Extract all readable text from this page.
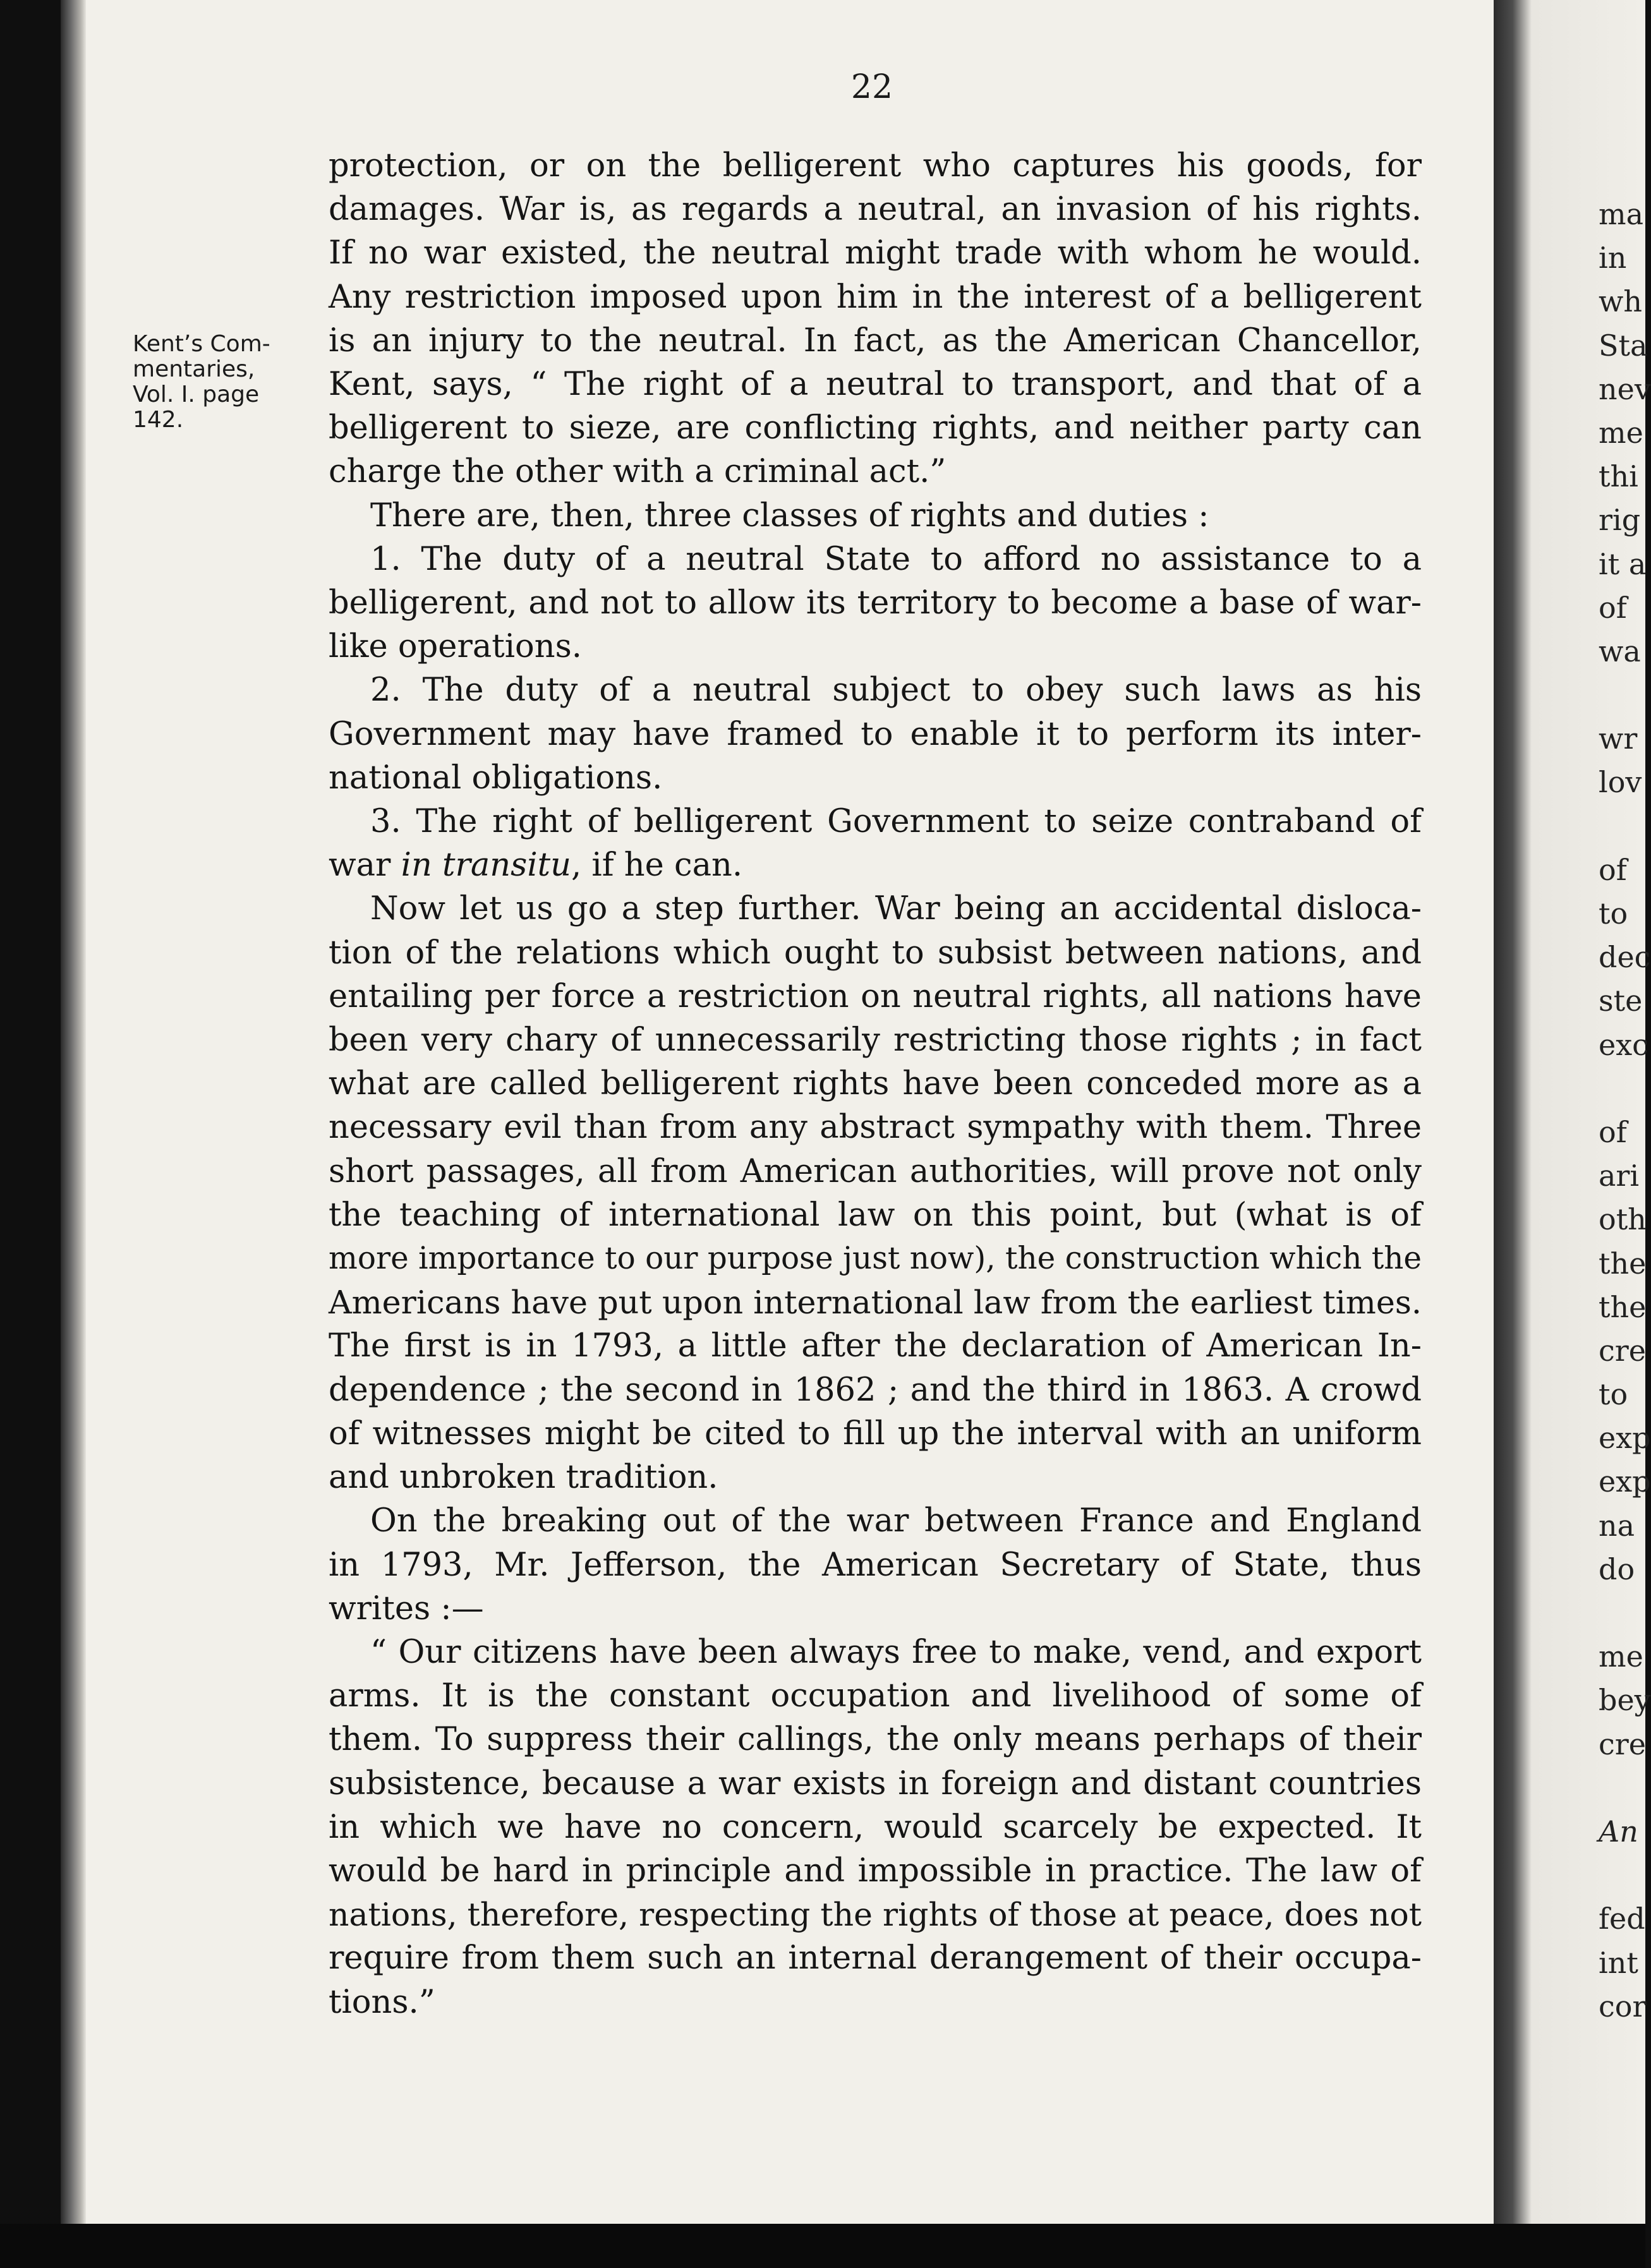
22
Kent’s Com-
mentaries,
Vol. I. page
142.
protection, or on the belligerent who captures his goods, for
damages. War is, as regards a neutral, an invasion of his rights.
If no war existed, the neutral might trade with whom he would.
Any restriction imposed upon him in the interest of a belligerent
is an injury to the neutral. In fact, as the American Chancellor,
Kent, says, “ The right of a neutral to transport, and that of a
belligerent to sieze, are conflicting rights, and neither party can
charge the other with a criminal act.”
There are, then, three classes of rights and duties :
1. The duty of a neutral State to afford no assistance to a
belligerent, and not to allow its territory to become a base of war-
like operations.
2. The duty of a neutral subject to obey such laws as his
Government may have framed to enable it to perform its inter-
national obligations.
3. The right of belligerent Government to seize contraband of
war in transitu, if he can.
Now let us go a step further. War being an accidental disloca-
tion of the relations which ought to subsist between nations, and
entailing per force a restriction on neutral rights, all nations have
been very chary of unnecessarily restricting those rights ; in fact
what are called belligerent rights have been conceded more as a
necessary evil than from any abstract sympathy with them. Three
short passages, all from American authorities, will prove not only
the teaching of international law on this point, but (what is of
more importance to our purpose just now), the construction which the
Americans have put upon international law from the earliest times.
The first is in 1793, a little after the declaration of American In-
dependence ; the second in 1862 ; and the third in 1863. A crowd
of witnesses might be cited to fill up the interval with an uniform
and unbroken tradition.
On the breaking out of the war between France and England
in 1793, Mr. Jefferson, the American Secretary of State, thus
writes :—
“ Our citizens have been always free to make, vend, and export
arms. It is the constant occupation and livelihood of some of
them. To suppress their callings, the only means perhaps of their
subsistence, because a war exists in foreign and distant countries
in which we have no concern, would scarcely be expected. It
would be hard in principle and impossible in practice. The law of
nations, therefore, respecting the rights of those at peace, does not
require from them such an internal derangement of their occupa-
tions.”
ma
in
wh
Sta
nev
me
thi
rig
it a
of
wa
wr
lov
of
to
dec
ste
exc
of
ari
oth
the
the
cre
to
exp
exp
na
do
me
bey
cre
An
fed
int
cor
